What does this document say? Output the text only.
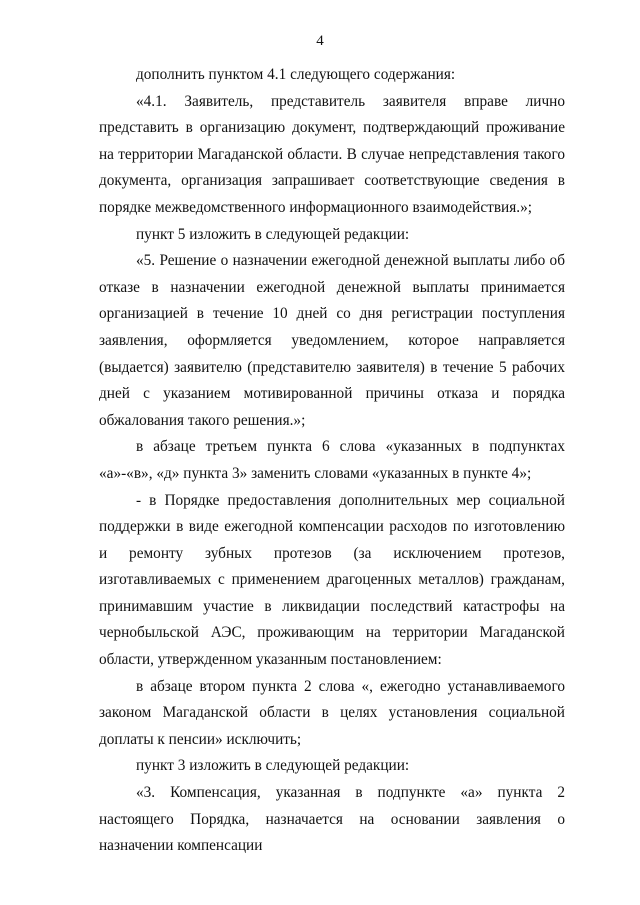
4

дополнить пунктом 4.1 следующего содержания:

«4.1. Заявитель, представитель заявителя вправе лично представить в организацию документ, подтверждающий проживание на территории Магаданской области. В случае непредставления такого документа, организация запрашивает соответствующие сведения в порядке межведомственного информационного взаимодействия.»;

пункт 5 изложить в следующей редакции:

«5. Решение о назначении ежегодной денежной выплаты либо об отказе в назначении ежегодной денежной выплаты принимается организацией в течение 10 дней со дня регистрации поступления заявления, оформляется уведомлением, которое направляется (выдается) заявителю (представителю заявителя) в течение 5 рабочих дней с указанием мотивированной причины отказа и порядка обжалования такого решения.»;

в абзаце третьем пункта 6 слова «указанных в подпунктах «а»-«в», «д» пункта 3» заменить словами «указанных в пункте 4»;

- в Порядке предоставления дополнительных мер социальной поддержки в виде ежегодной компенсации расходов по изготовлению и ремонту зубных протезов (за исключением протезов, изготавливаемых с применением драгоценных металлов) гражданам, принимавшим участие в ликвидации последствий катастрофы на чернобыльской АЭС, проживающим на территории Магаданской области, утвержденном указанным постановлением:

в абзаце втором пункта 2 слова «, ежегодно устанавливаемого законом Магаданской области в целях установления социальной доплаты к пенсии» исключить;

пункт 3 изложить в следующей редакции:

«3. Компенсация, указанная в подпункте «а» пункта 2 настоящего Порядка, назначается на основании заявления о назначении компенсации
